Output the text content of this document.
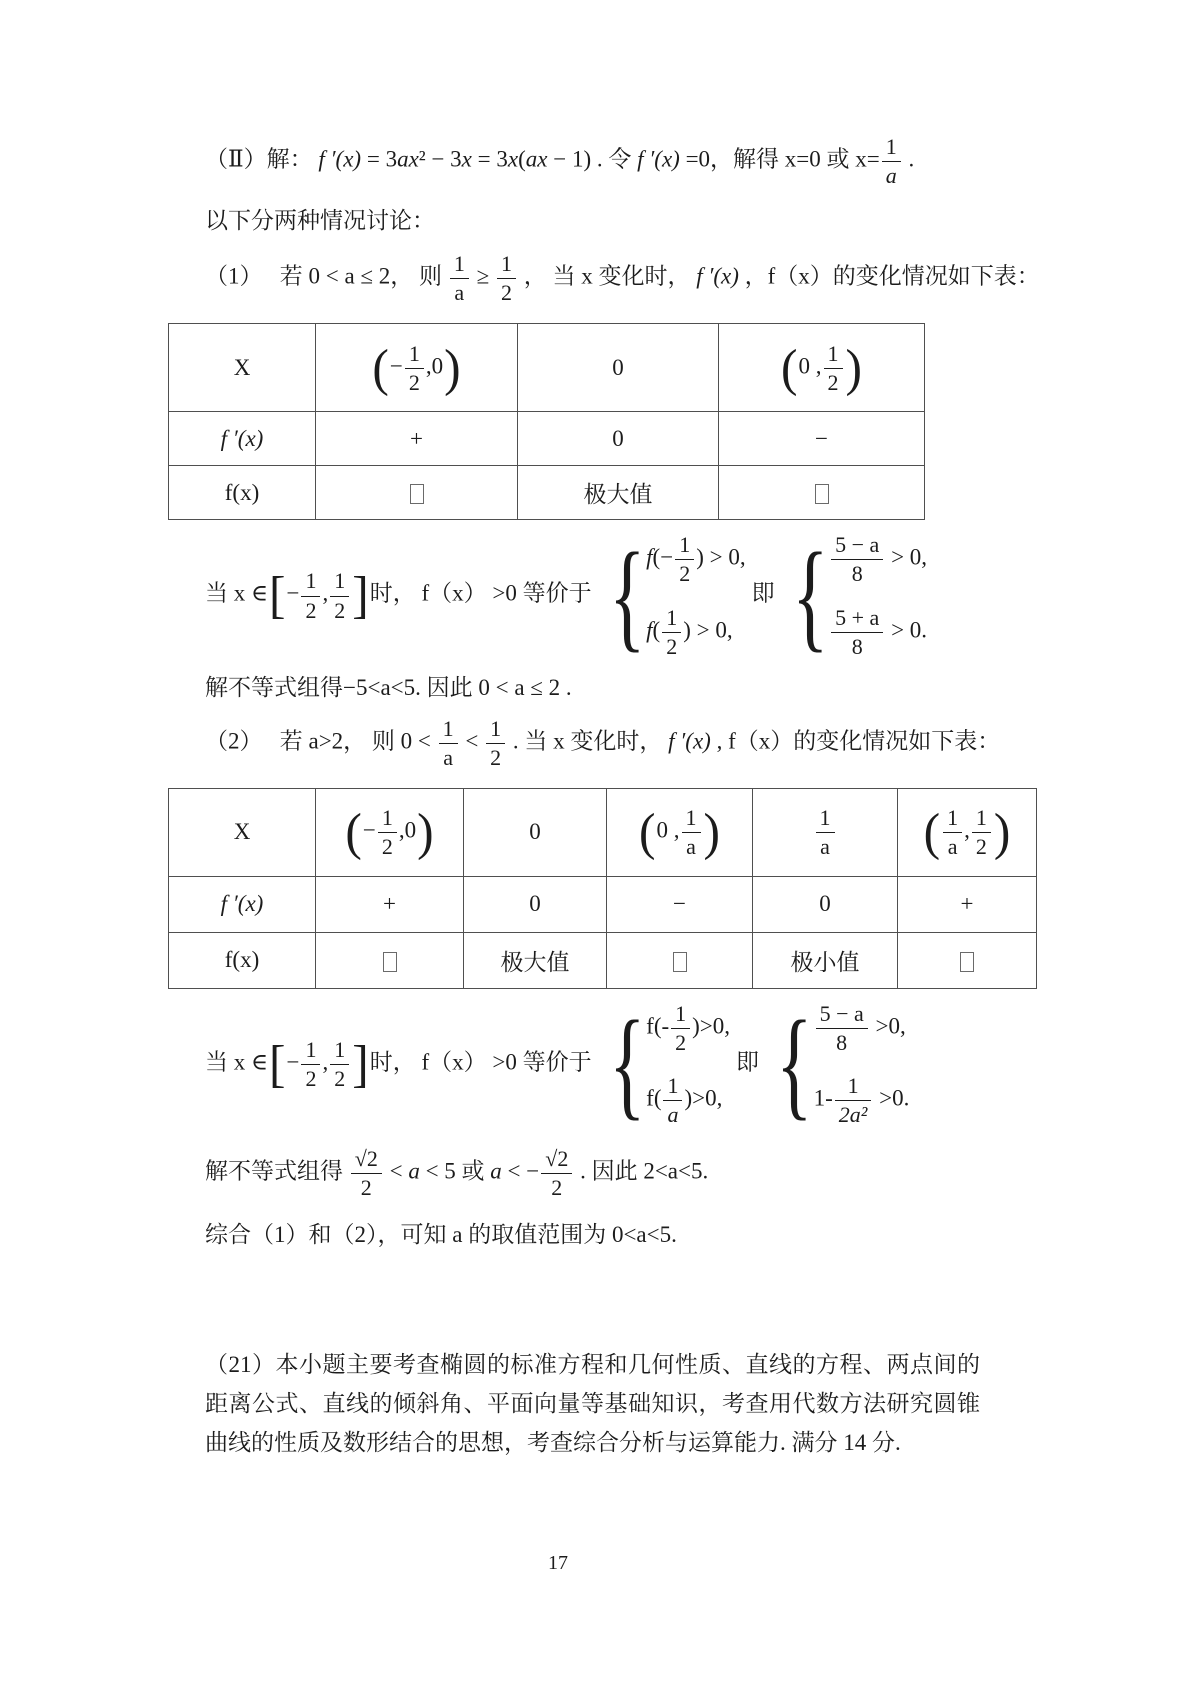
（Ⅱ）解： f ′(x) = 3ax² − 3x = 3x(ax − 1) . 令 f ′(x) =0，解得 x=0 或 $x= \frac{1}{a}$ .

以下分两种情况讨论：

（1）　 若 0 < a ≤ 2， 则 $\frac{1}{a} \ge \frac{1}{2}$ ， 当 x 变化时， f ′(x) ，f（x）的变化情况如下表：

X	(− $\frac{1}{2} ,0$)	0	(0 , $\frac{1}{2}$ )
f ′(x)	+	0	−
f(x)		极大值	

当 x ∈[− $\frac{1}{2}$ , $\frac{1}{2}$ ]时， f（x） >0 等价于 { $f(- \frac{1}{2}$ ) > 0,
$f( \frac{1}{2}$ ) > 0,
即 { $\frac{5 - a}{8} > 0$,
$\frac{5 + a}{8} > 0$.

解不等式组得−5<a<5. 因此 0 < a ≤ 2 .

（2）　 若 a>2， 则 $0 < \frac{1}{a} < \frac{1}{2}$ . 当 x 变化时， f ′(x) , f（x）的变化情况如下表：

X	(− $\frac{1}{2} ,0$)	0	(0 , $\frac{1}{a}$ )	$\frac{1}{a}$	( $\frac{1}{a}$ , $\frac{1}{2}$ )
f ′(x)	+	0	−	0	+
f(x)		极大值		极小值	

当 x ∈[− $\frac{1}{2}$ , $\frac{1}{2}$ ]时， f（x） >0 等价于 { $f(- \frac{1}{2} )>0$,
$f( \frac{1}{a} )>0$,
即 { $\frac{5 - a}{8} >0$,
$1- \frac{1}{\text{2a²}} >0$.

解不等式组得 $\frac{√2}{2} < a < 5$ 或 a < − $\frac{√2}{2}$ . 因此 2<a<5.

综合（1）和（2），可知 a 的取值范围为 0<a<5.

（21）本小题主要考查椭圆的标准方程和几何性质、直线的方程、两点间的距离公式、直线的倾斜角、平面向量等基础知识，考查用代数方法研究圆锥曲线的性质及数形结合的思想，考查综合分析与运算能力. 满分 14 分.

17
